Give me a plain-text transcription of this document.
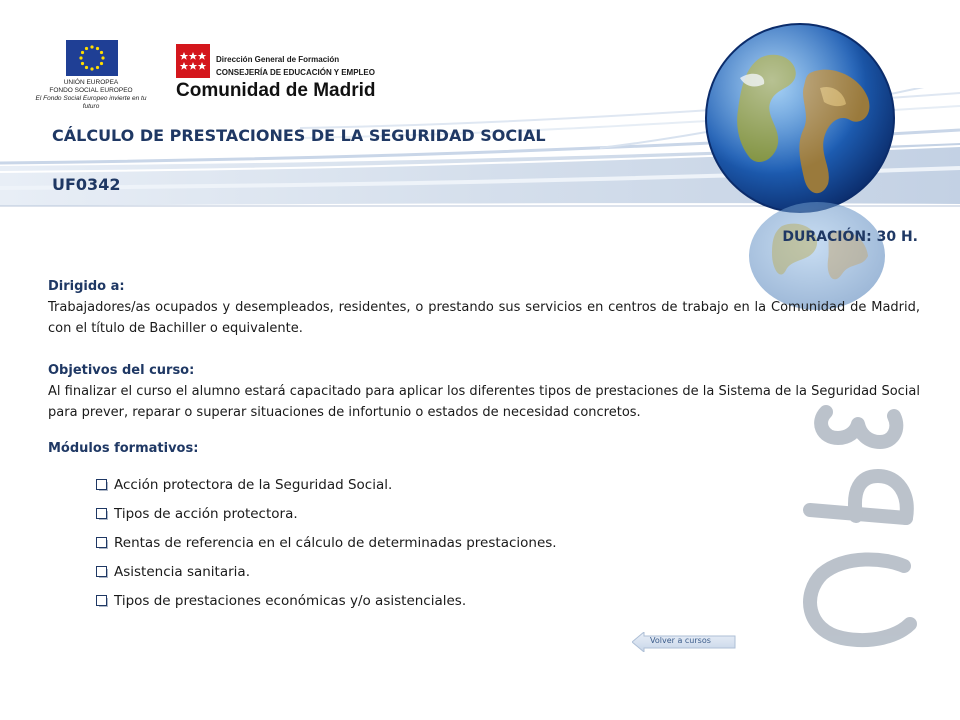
UNIÓN EUROPEA
FONDO SOCIAL EUROPEO
El Fondo Social Europeo invierte en tu futuro
Dirección General de Formación
CONSEJERÍA DE EDUCACIÓN Y EMPLEO
Comunidad de Madrid
CÁLCULO DE PRESTACIONES DE LA SEGURIDAD SOCIAL
UF0342
DURACIÓN: 30 H.
Dirigido a:
Trabajadores/as ocupados y desempleados, residentes, o prestando sus servicios en centros de trabajo en la Comunidad de Madrid, con el título de Bachiller o equivalente.
Objetivos del curso:
Al finalizar el curso el alumno estará capacitado para aplicar los diferentes tipos de prestaciones de la Sistema de la Seguridad Social para prever, reparar o superar situaciones de infortunio o estados de necesidad concretos.
Módulos formativos:
Acción protectora de la Seguridad Social.
Tipos de acción protectora.
Rentas de referencia en el cálculo de determinadas prestaciones.
Asistencia sanitaria.
Tipos de prestaciones económicas y/o asistenciales.
Volver a cursos
